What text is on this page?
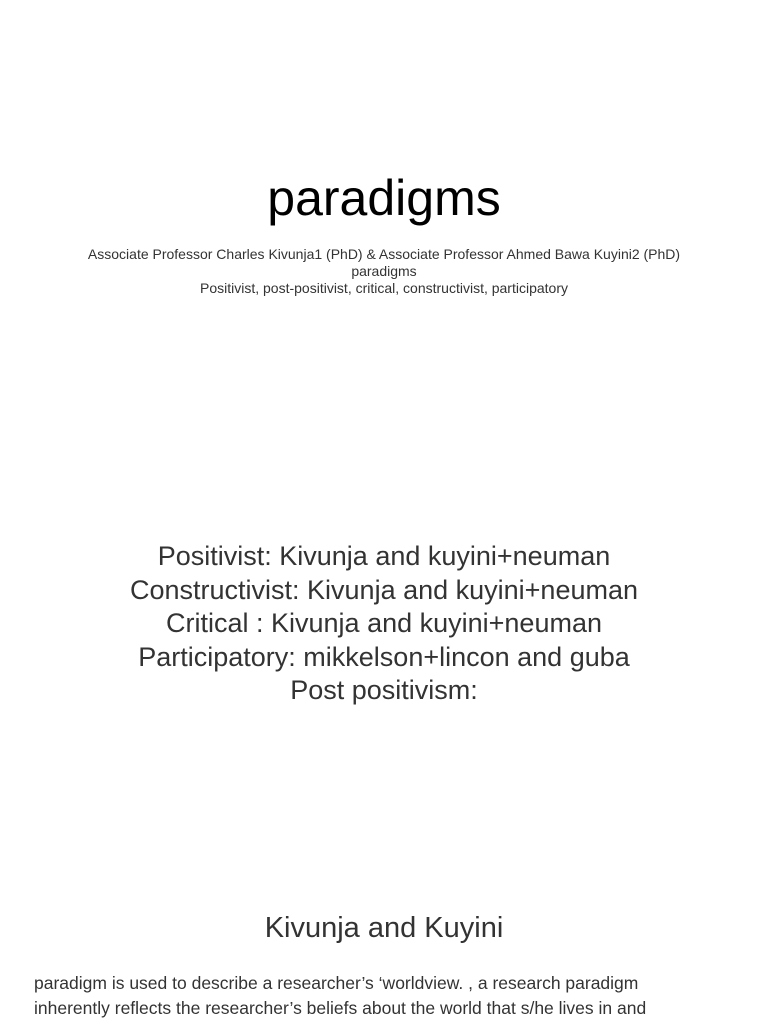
paradigms
Associate Professor Charles Kivunja1 (PhD) & Associate Professor Ahmed Bawa Kuyini2 (PhD)
paradigms
Positivist, post-positivist, critical, constructivist, participatory
Positivist: Kivunja and kuyini+neuman
Constructivist: Kivunja and kuyini+neuman
Critical : Kivunja and kuyini+neuman
Participatory: mikkelson+lincon and guba
Post positivism:
Kivunja and Kuyini
paradigm is used to describe a researcher’s ‘worldview. , a research paradigm
inherently reflects the researcher’s beliefs about the world that s/he lives in and
